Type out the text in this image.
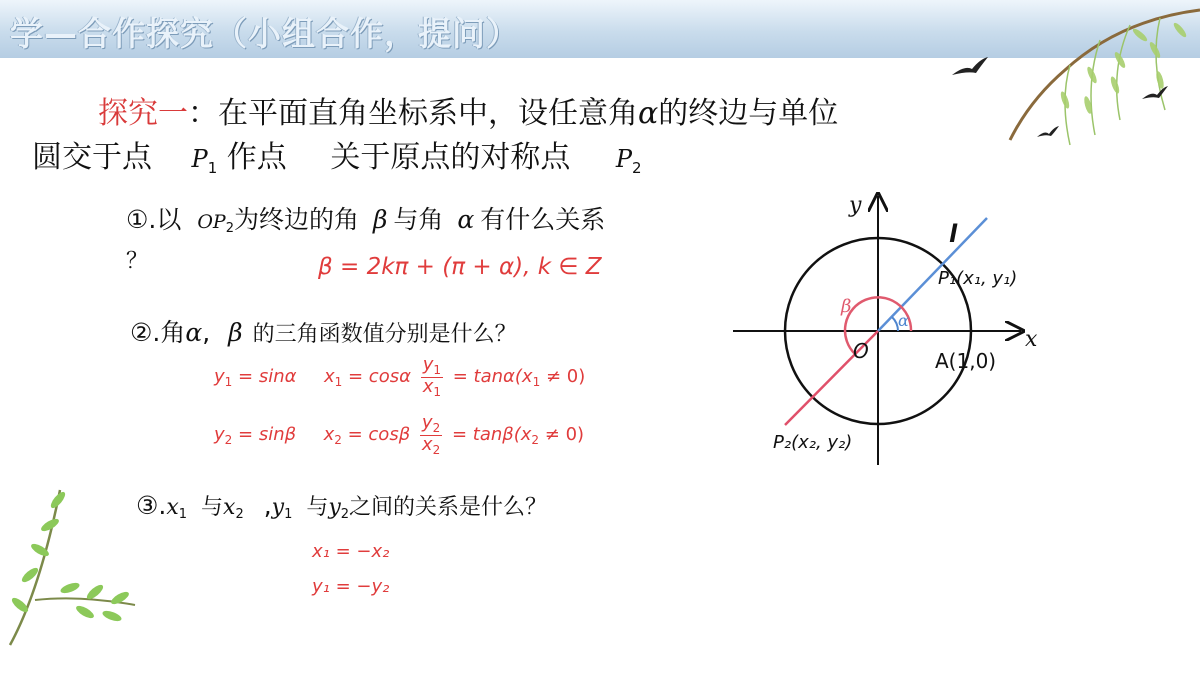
学—合作探究（小组合作，提问）
探究一：在平面直角坐标系中，设任意角α的终边与单位
圆交于点 $P_1$ 作点 关于原点的对称点 $P_2$
①.以 OP2为终边的角 β 与角 α 有什么关系
？	β = 2kπ + (π + α), k ∈ Z
②.角α, β 的三角函数值分别是什么？
$y_1 = \sin\alpha$ $x_1 = \cos\alpha \frac{y_1}{x_1} = \tan\alpha(x_1 \ne 0)$
$y_2 = \sin\beta$ $x_2 = \cos\beta \frac{y_2}{x_2} = \tan\beta(x_2 \ne 0)$
③.x1 与x2 ,y1 与y2之间的关系是什么？
x₁ = −x₂
y₁ = −y₂
y
x
l
O
β
α
P₁(x₁, y₁)
P₂(x₂, y₂)
A(1,0)
